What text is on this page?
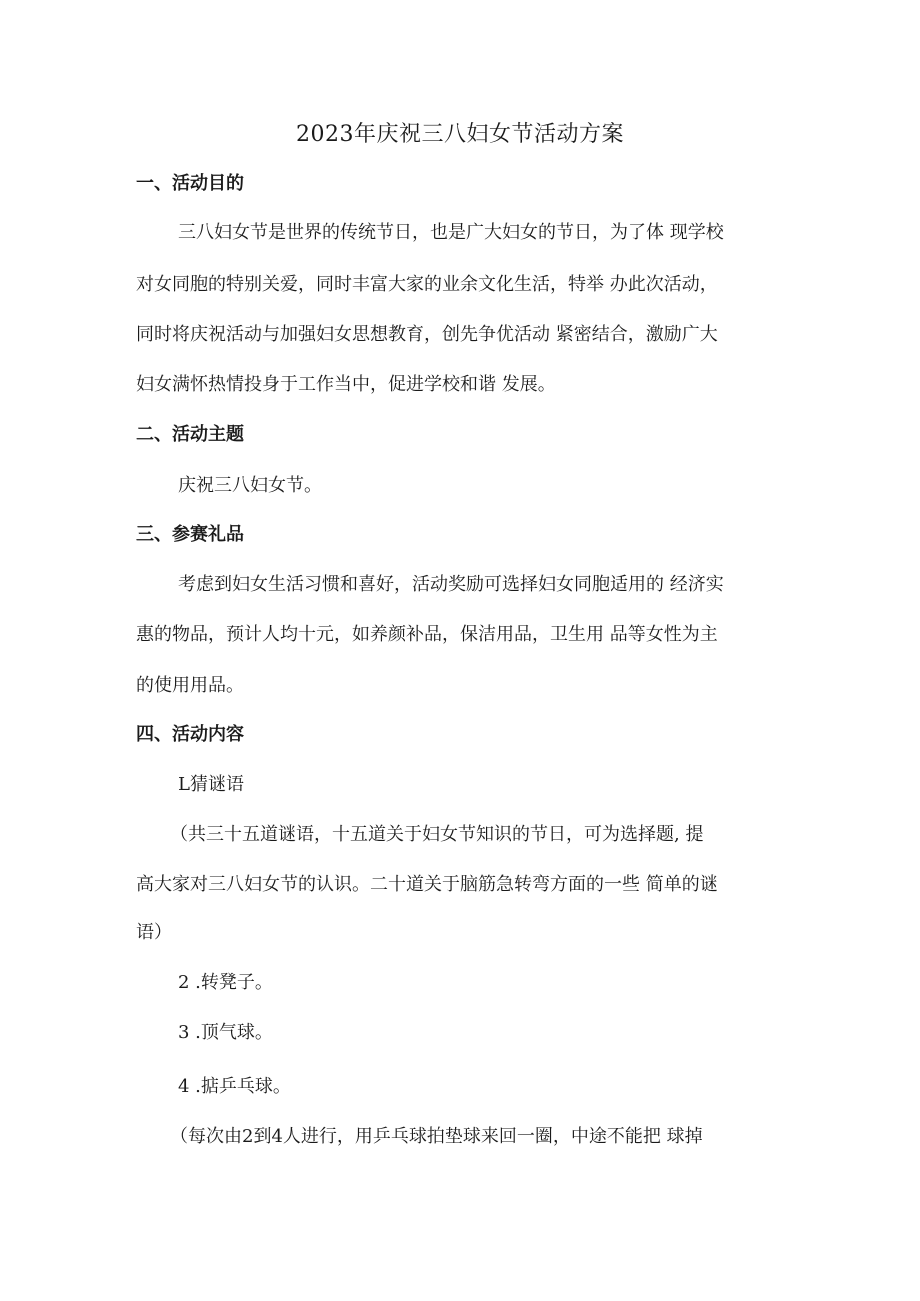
2023年庆祝三八妇女节活动方案
一、活动目的
三八妇女节是世界的传统节日，也是广大妇女的节日，为了体 现学校
对女同胞的特别关爱，同时丰富大家的业余文化生活，特举 办此次活动，
同时将庆祝活动与加强妇女思想教育，创先争优活动 紧密结合，激励广大
妇女满怀热情投身于工作当中，促进学校和谐 发展。
二、活动主题
庆祝三八妇女节。
三、参赛礼品
考虑到妇女生活习惯和喜好，活动奖励可选择妇女同胞适用的 经济实
惠的物品，预计人均十元，如养颜补品，保洁用品，卫生用 品等女性为主
的使用用品。
四、活动内容
L猜谜语
（共三十五道谜语，十五道关于妇女节知识的节日，可为选择题, 提
高大家对三八妇女节的认识。二十道关于脑筋急转弯方面的一些 简单的谜
语）
2 .转凳子。
3 .顶气球。
4 .掂乒乓球。
（每次由2到4人进行，用乒乓球拍垫球来回一圈，中途不能把 球掉
